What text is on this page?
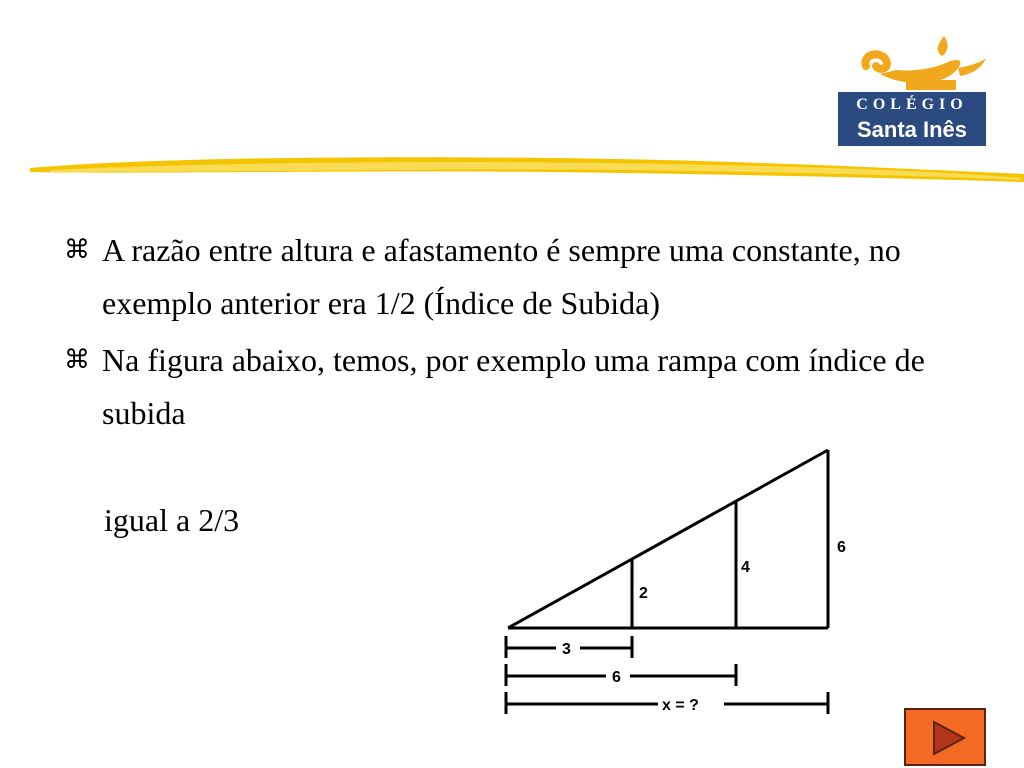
COLÉGIO
Santa Inês
⌘ A razão entre altura e afastamento é sempre uma constante, no exemplo anterior era 1/2 (Índice de Subida)
⌘ Na figura abaixo, temos, por exemplo uma rampa com índice de subida
igual a 2/3
2
4
6
3
6
x = ?
